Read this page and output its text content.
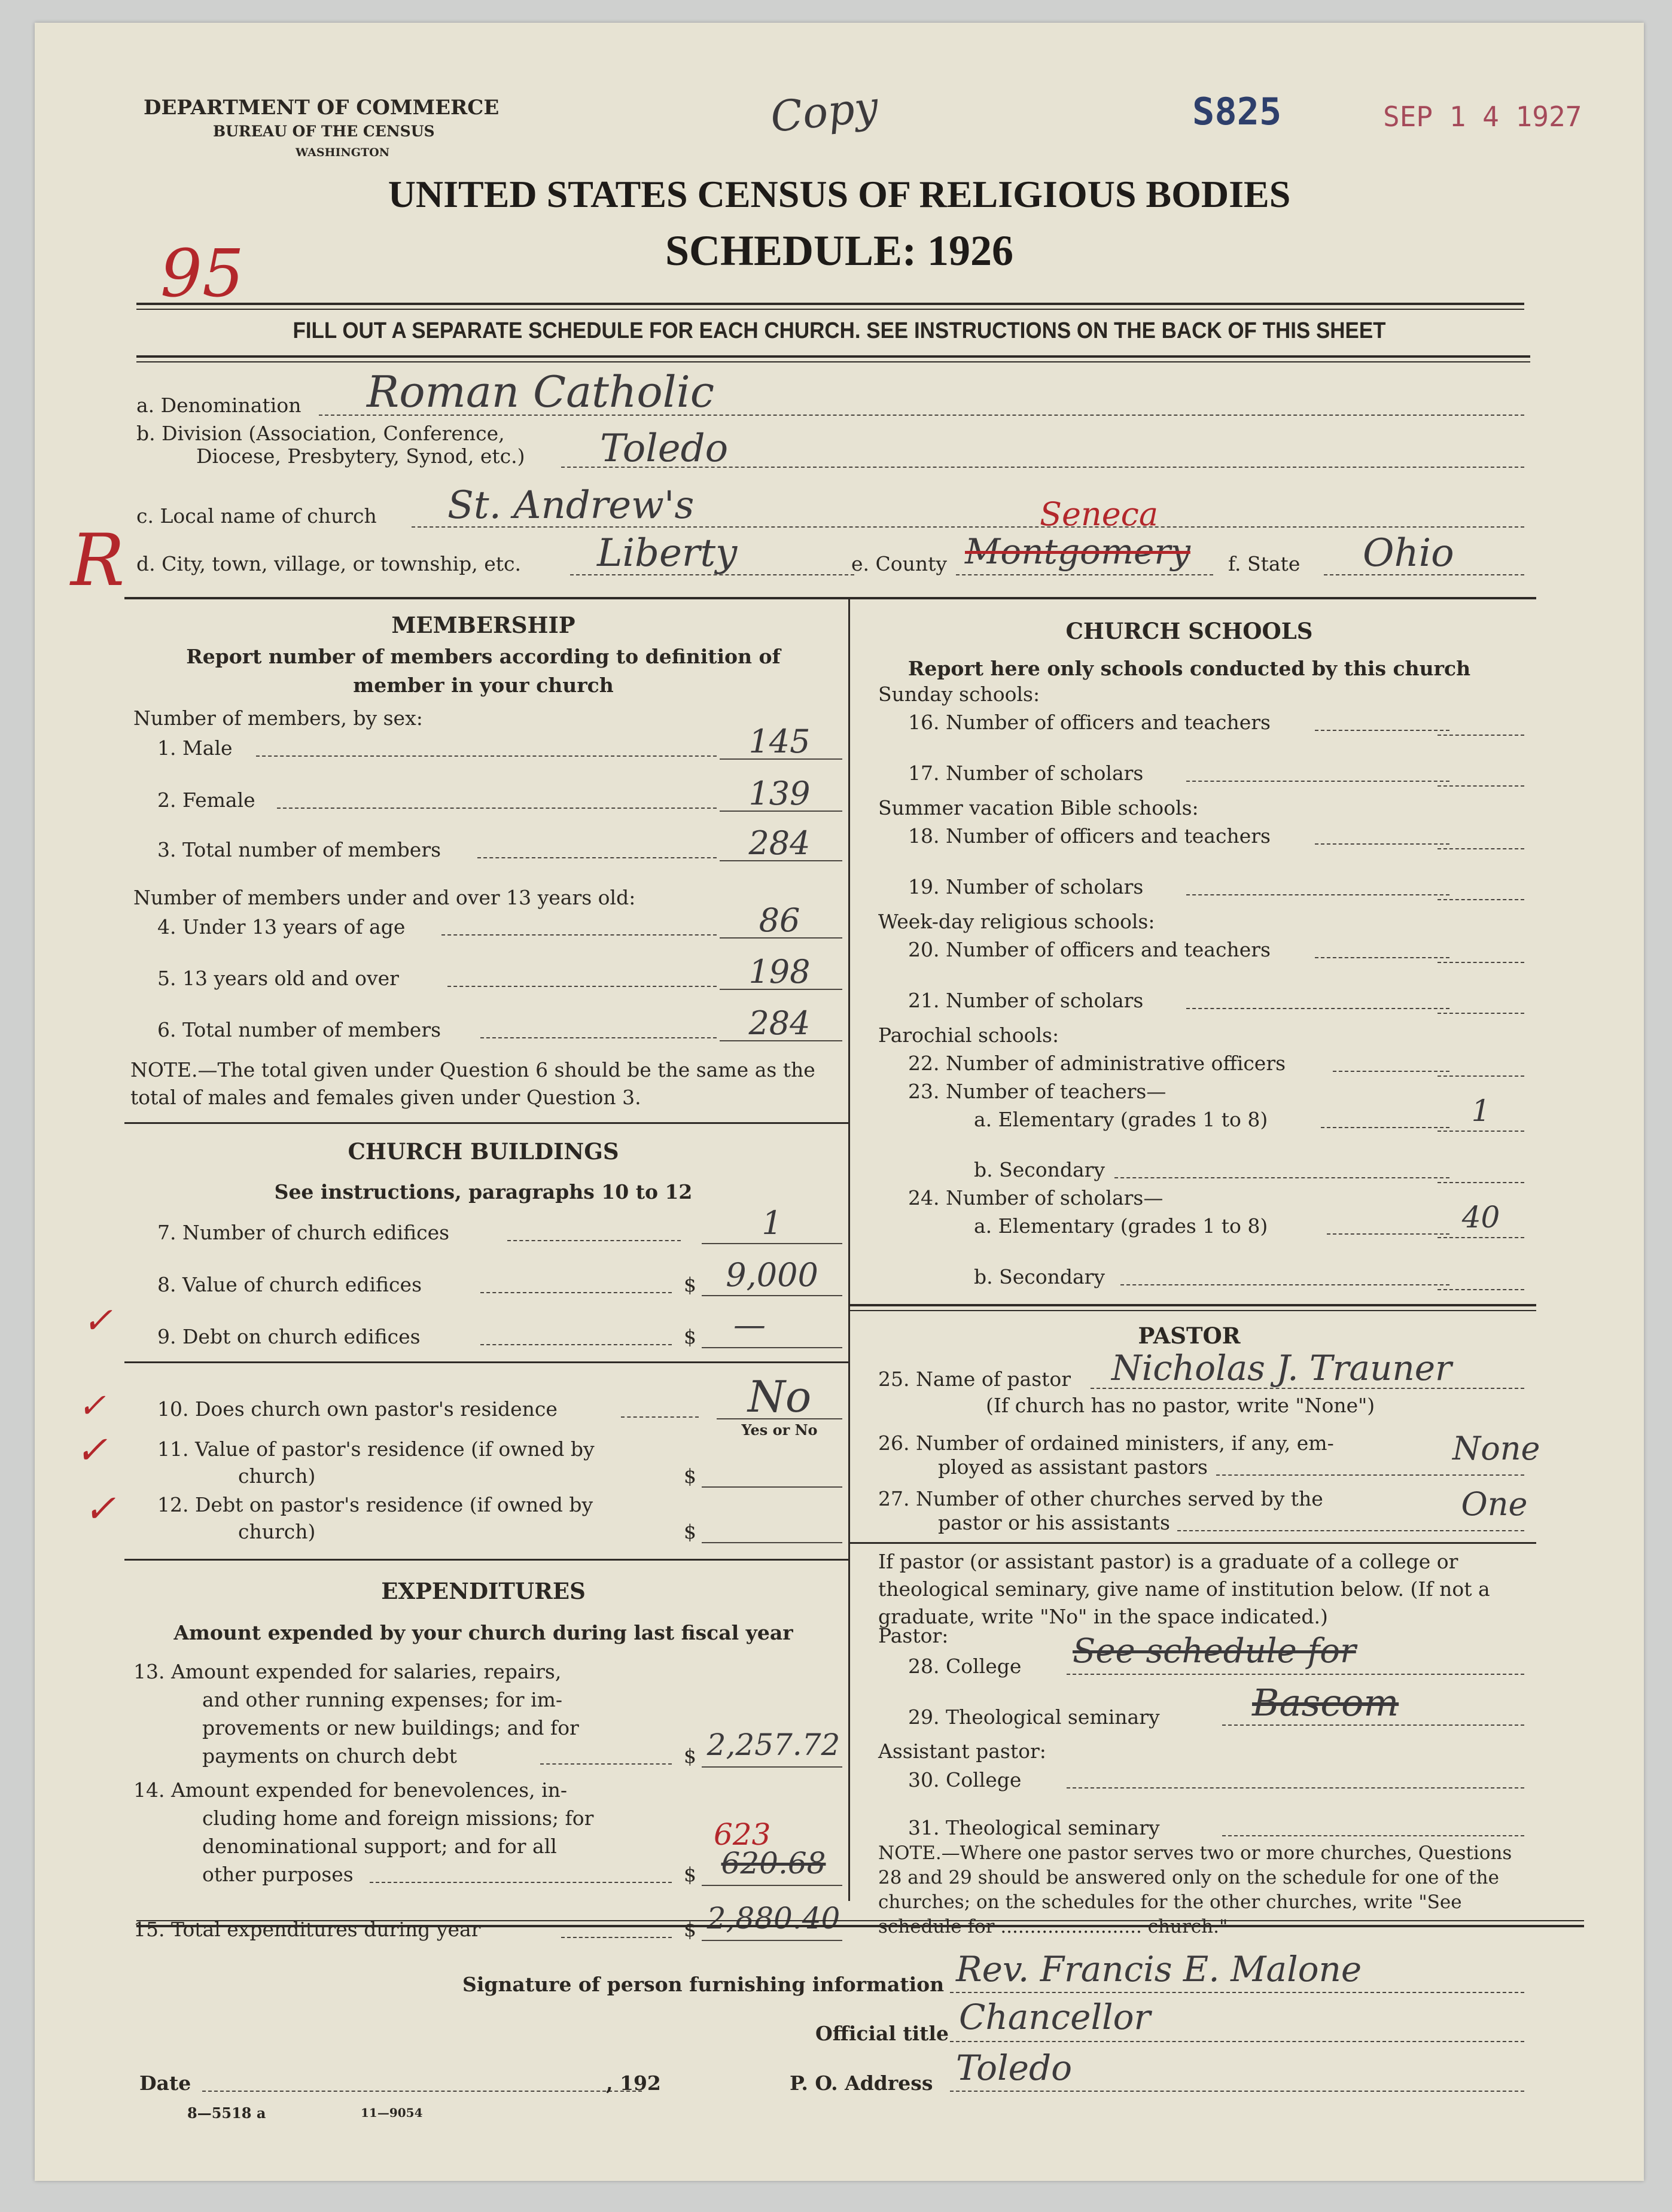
DEPARTMENT OF COMMERCE
BUREAU OF THE CENSUS
WASHINGTON
Copy	S825	SEP 1 4 1927
UNITED STATES CENSUS OF RELIGIOUS BODIES
SCHEDULE: 1926
95
FILL OUT A SEPARATE SCHEDULE FOR EACH CHURCH. SEE INSTRUCTIONS ON THE BACK OF THIS SHEET
a. Denomination Roman Catholic
b. Division (Association, Conference,
Diocese, Presbytery, Synod, etc.) Toledo
c. Local name of church St. Andrew's
d. City, town, village, or township, etc. Liberty	e. County Montgomery
Seneca
f. State Ohio
R
MEMBERSHIP
Report number of members according to definition of
member in your church
Number of members, by sex:
1. Male	145
2. Female	139
3. Total number of members	284
Number of members under and over 13 years old:
4. Under 13 years of age	86
5. 13 years old and over	198
6. Total number of members	284
NOTE.—The total given under Question 6 should be the same as the total of males and females given under Question 3.
CHURCH BUILDINGS
See instructions, paragraphs 10 to 12
7. Number of church edifices	1
8. Value of church edifices	$ 9,000
9. Debt on church edifices	$	—
✓
10. Does church own pastor's residence	No
Yes or No
✓
11. Value of pastor's residence (if owned by
church)	$
✓
12. Debt on pastor's residence (if owned by
church)	$
✓
EXPENDITURES
Amount expended by your church during last fiscal year
13. Amount expended for salaries, repairs,
and other running expenses; for im-
provements or new buildings; and for
payments on church debt	$ 2,257.72
14. Amount expended for benevolences, in-
cluding home and foreign missions; for
denominational support; and for all
other purposes	$
623
620.68
15. Total expenditures during year	$ 2,880.40
CHURCH SCHOOLS
Report here only schools conducted by this church
Sunday schools:
16. Number of officers and teachers
17. Number of scholars
Summer vacation Bible schools:
18. Number of officers and teachers
19. Number of scholars
Week-day religious schools:
20. Number of officers and teachers
21. Number of scholars
Parochial schools:
22. Number of administrative officers
23. Number of teachers—
a. Elementary (grades 1 to 8)	1
b. Secondary
24. Number of scholars—
a. Elementary (grades 1 to 8)	40
b. Secondary
PASTOR
25. Name of pastor Nicholas J. Trauner
(If church has no pastor, write "None")
26. Number of ordained ministers, if any, em-
ployed as assistant pastors	None
27. Number of other churches served by the
pastor or his assistants	One
If pastor (or assistant pastor) is a graduate of a college or theological seminary, give name of institution below. (If not a graduate, write "No" in the space indicated.)
Pastor:
28. College See schedule for
29. Theological seminary Bascom
Assistant pastor:
30. College
31. Theological seminary
NOTE.—Where one pastor serves two or more churches, Questions 28 and 29 should be answered only on the schedule for one of the churches; on the schedules for the other churches, write "See schedule for ........................ church."
Signature of person furnishing information Rev. Francis E. Malone
Official title Chancellor
Date	, 192	P. O. Address Toledo
8—5518 a	11—9054
